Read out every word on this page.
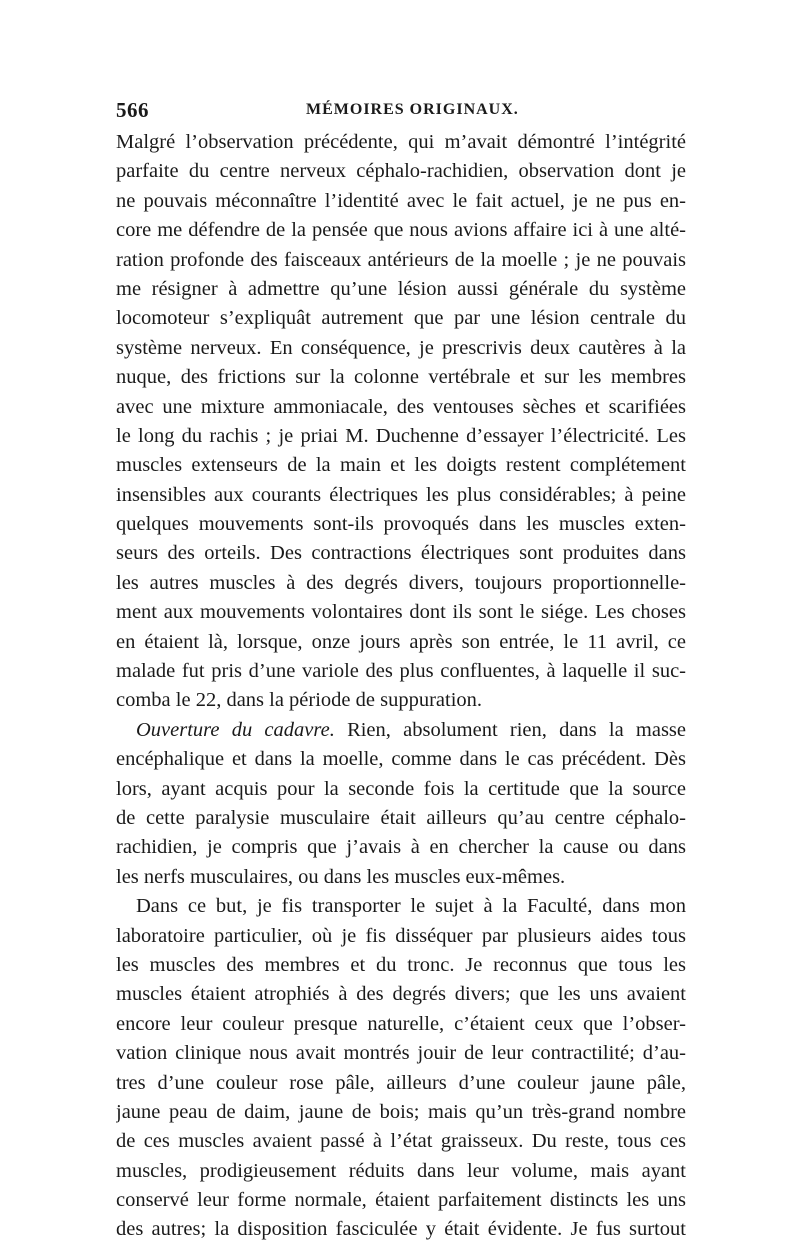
566	MÉMOIRES ORIGINAUX.
Malgré l’observation précédente, qui m’avait démontré l’intégrité
parfaite du centre nerveux céphalo-rachidien, observation dont je
ne pouvais méconnaître l’identité avec le fait actuel, je ne pus en-
core me défendre de la pensée que nous avions affaire ici à une alté-
ration profonde des faisceaux antérieurs de la moelle ; je ne pouvais
me résigner à admettre qu’une lésion aussi générale du système
locomoteur s’expliquât autrement que par une lésion centrale du
système nerveux. En conséquence, je prescrivis deux cautères à la
nuque, des frictions sur la colonne vertébrale et sur les membres
avec une mixture ammoniacale, des ventouses sèches et scarifiées
le long du rachis ; je priai M. Duchenne d’essayer l’électricité. Les
muscles extenseurs de la main et les doigts restent complétement
insensibles aux courants électriques les plus considérables; à peine
quelques mouvements sont-ils provoqués dans les muscles exten-
seurs des orteils. Des contractions électriques sont produites dans
les autres muscles à des degrés divers, toujours proportionnelle-
ment aux mouvements volontaires dont ils sont le siége. Les choses
en étaient là, lorsque, onze jours après son entrée, le 11 avril, ce
malade fut pris d’une variole des plus confluentes, à laquelle il suc-
comba le 22, dans la période de suppuration.
Ouverture du cadavre. Rien, absolument rien, dans la masse
encéphalique et dans la moelle, comme dans le cas précédent. Dès
lors, ayant acquis pour la seconde fois la certitude que la source
de cette paralysie musculaire était ailleurs qu’au centre céphalo-
rachidien, je compris que j’avais à en chercher la cause ou dans
les nerfs musculaires, ou dans les muscles eux-mêmes.
Dans ce but, je fis transporter le sujet à la Faculté, dans mon
laboratoire particulier, où je fis disséquer par plusieurs aides tous
les muscles des membres et du tronc. Je reconnus que tous les
muscles étaient atrophiés à des degrés divers; que les uns avaient
encore leur couleur presque naturelle, c’étaient ceux que l’obser-
vation clinique nous avait montrés jouir de leur contractilité; d’au-
tres d’une couleur rose pâle, ailleurs d’une couleur jaune pâle,
jaune peau de daim, jaune de bois; mais qu’un très-grand nombre
de ces muscles avaient passé à l’état graisseux. Du reste, tous ces
muscles, prodigieusement réduits dans leur volume, mais ayant
conservé leur forme normale, étaient parfaitement distincts les uns
des autres; la disposition fasciculée y était évidente. Je fus surtout
